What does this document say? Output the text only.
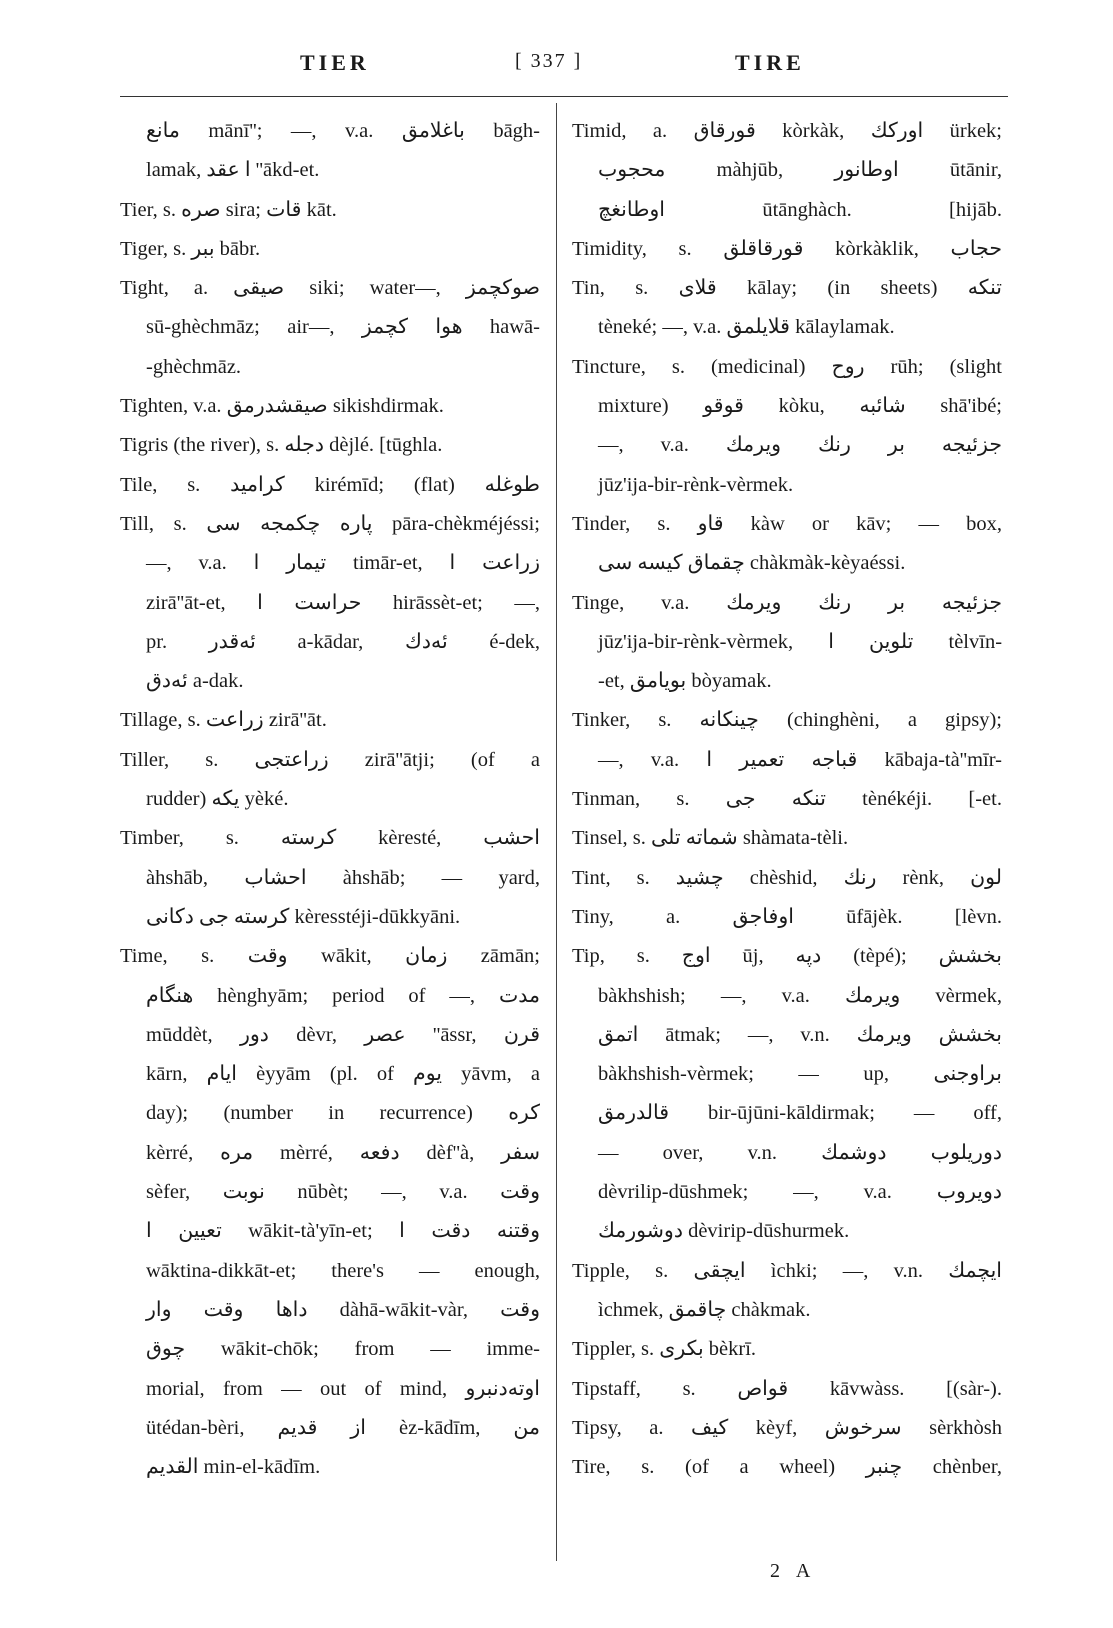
TIER	[ 337 ]	TIRE
مانع mānī''; —, v.a. باغلامق bāgh-
lamak, ا عقد ''ākd-et.
Tier, s. صره sira; قات kāt.
Tiger, s. ببر bābr.
Tight, a. صيقى siki; water—, صوكچمز
sū-ghèchmāz; air—, هوا كچمز hawā-
-ghèchmāz.
Tighten, v.a. صيقشدرمق sikishdirmak.
Tigris (the river), s. دجله dèjlé. [tūghla.
Tile, s. كراميد kirémīd; (flat) طوغله
Till, s. پاره چكمجه سى pāra-chèkméjéssi;
—, v.a. تيمار ا timār-et, زراعت ا
zirā''āt-et, حراست ا hirāssèt-et; —,
pr. ئەقدر a-kādar, ئەدك é-dek,
ئەدق a-dak.
Tillage, s. زراعت zirā''āt.
Tiller, s. زراعتجى zirā''ātji; (of a
rudder) يكه yèké.
Timber, s. كرسته kèresté, احشب
àhshāb, احشاب àhshāb; — yard,
كرسته جى دكانى kèresstéji-dūkkyāni.
Time, s. وقت wākit, زمان zāmān;
هنگام hènghyām; period of —, مدت
mūddèt, دور dèvr, عصر ''āssr, قرن
kārn, ايام èyyām (pl. of يوم yāvm, a
day); (number in recurrence) كره
kèrré, مره mèrré, دفعه dèf''à, سفر
sèfer, نوبت nūbèt; —, v.a. وقت
تعيين ا wākit-tà'yīn-et; وقتنه دقت ا
wāktina-dikkāt-et; there's — enough,
داها وقت وار dàhā-wākit-vàr, وقت
چوق wākit-chōk; from — imme-
morial, from — out of mind, اوتەدنبرو
ütédan-bèri, از قديم èz-kādīm, من
القديم min-el-kādīm.
Timid, a. قورقاق kòrkàk, اوركك ürkek;
محجوب màhjūb, اوطانور ūtānir,
اوطانغچ ūtānghàch. [hijāb.
Timidity, s. قورقاقلق kòrkàklik, حجاب
Tin, s. قلاى kālay; (in sheets) تنكه
tèneké; —, v.a. قلايلمق kālaylamak.
Tincture, s. (medicinal) روح rūh; (slight
mixture) قوقو kòku, شائبه shā'ibé;
—, v.a. جزئيجه بر رنك ويرمك
jūz'ija-bir-rènk-vèrmek.
Tinder, s. قاو kàw or kāv; — box,
چقماق كيسه سى chàkmàk-kèyaéssi.
Tinge, v.a. جزئيجه بر رنك ويرمك
jūz'ija-bir-rènk-vèrmek, تلوين ا tèlvīn-
-et, بويامق bòyamak.
Tinker, s. چينكانه (chinghèni, a gipsy);
—, v.a. قباجه تعمير ا kābaja-tà''mīr-
Tinman, s. تنكه جى tènékéji. [-et.
Tinsel, s. شماته تلى shàmata-tèli.
Tint, s. چشيد chèshid, رنك rènk, لون
Tiny, a. اوفاجق ūfājèk. [lèvn.
Tip, s. اوج ūj, دپه (tèpé); بخشش
bàkhshish; —, v.a. ويرمك vèrmek,
اتمق ātmak; —, v.n. بخشش ويرمك
bàkhshish-vèrmek; — up, براوجنى
قالدرمق bir-ūjūni-kāldirmak; — off,
— over, v.n. دوريلوب دوشمك
dèvrilip-dūshmek; —, v.a. دويروب
دوشورمك dèvirip-dūshurmek.
Tipple, s. ايچقى ìchki; —, v.n. ايچمك
ìchmek, چاقمق chàkmak.
Tippler, s. بكرى bèkrī.
Tipstaff, s. قواص kāvwàss. [(sàr-).
Tipsy, a. كيف kèyf, سرخوش sèrkhòsh
Tire, s. (of a wheel) چنبر chènber,
2 A
